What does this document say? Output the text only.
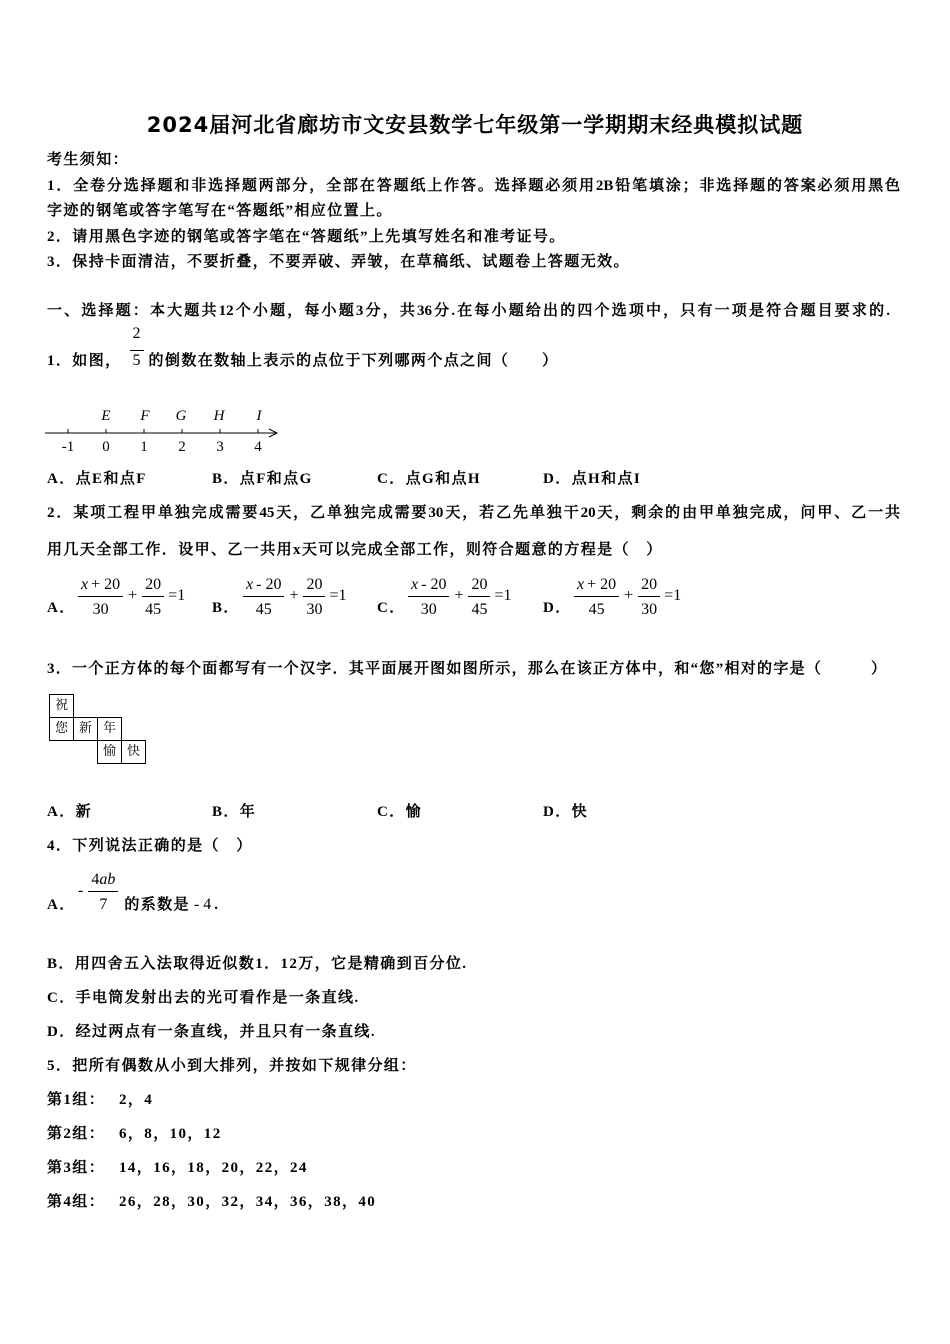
2024届河北省廊坊市文安县数学七年级第一学期期末经典模拟试题
考生须知：
1．全卷分选择题和非选择题两部分，全部在答题纸上作答。选择题必须用2B铅笔填涂；非选择题的答案必须用黑色
字迹的钢笔或答字笔写在“答题纸”相应位置上。
2．请用黑色字迹的钢笔或答字笔在“答题纸”上先填写姓名和准考证号。
3．保持卡面清洁，不要折叠，不要弄破、弄皱，在草稿纸、试题卷上答题无效。
一、选择题：本大题共12个小题，每小题3分，共36分.在每小题给出的四个选项中，只有一项是符合题目要求的.
1．如图， $\frac{2}{5}$ 的倒数在数轴上表示的点位于下列哪两个点之间（　　）
E F G H I
-1 0 1 2 3 4
A．点E和点F	B．点F和点G	C．点G和点H	D．点H和点I
2．某项工程甲单独完成需要45天，乙单独完成需要30天，若乙先单独干20天，剩余的由甲单独完成，问甲、乙一共
用几天全部工作．设甲、乙一共用x天可以完成全部工作，则符合题意的方程是（　）
A． $\frac{x + 20}{30} + \frac{20}{45} =1$
B． $\frac{x - 20}{45} + \frac{20}{30} =1$
C． $\frac{x - 20}{30} + \frac{20}{45} =1$
D． $\frac{x + 20}{45} + \frac{20}{30} =1$
3．一个正方体的每个面都写有一个汉字．其平面展开图如图所示，那么在该正方体中，和“您”相对的字是（　　　）
祝
您 新 年
愉 快
A．新	B．年	C．愉	D．快
4．下列说法正确的是（　）
A．
- $\frac{4ab}{7}$ 的系数是 - 4 .
B．用四舍五入法取得近似数1．12万，它是精确到百分位.
C．手电筒发射出去的光可看作是一条直线.
D．经过两点有一条直线，并且只有一条直线.
5．把所有偶数从小到大排列，并按如下规律分组：
第1组： 2，4
第2组： 6，8，10，12
第3组： 14，16，18，20，22，24
第4组： 26，28，30，32，34，36，38，40
